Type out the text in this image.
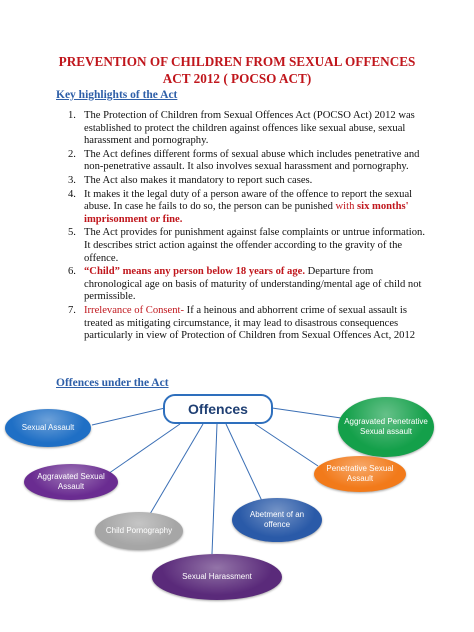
PREVENTION OF CHILDREN FROM SEXUAL OFFENCES
ACT 2012 ( POCSO ACT)
Key highlights of the Act
1. The Protection of Children from Sexual Offences Act (POCSO Act) 2012 was established to protect the children against offences like sexual abuse, sexual harassment and pornography.
2. The Act defines different forms of sexual abuse which includes penetrative and non-penetrative assault. It also involves sexual harassment and pornography.
3. The Act also makes it mandatory to report such cases.
4. It makes it the legal duty of a person aware of the offence to report the sexual abuse. In case he fails to do so, the person can be punished with six months' imprisonment or fine.
5. The Act provides for punishment against false complaints or untrue information. It describes strict action against the offender according to the gravity of the offence.
6. “Child” means any person below 18 years of age. Departure from chronological age on basis of maturity of understanding/mental age of child not permissible.
7. Irrelevance of Consent- If a heinous and abhorrent crime of sexual assault is treated as mitigating circumstance, it may lead to disastrous consequences particularly in view of Protection of Children from Sexual Offences Act, 2012
Offences under the Act
Offences
Sexual Assault
Aggravated Penetrative Sexual assault
Aggravated Sexual Assault
Penetrative Sexual Assault
Child Pornography
Abetment of an offence
Sexual Harassment
